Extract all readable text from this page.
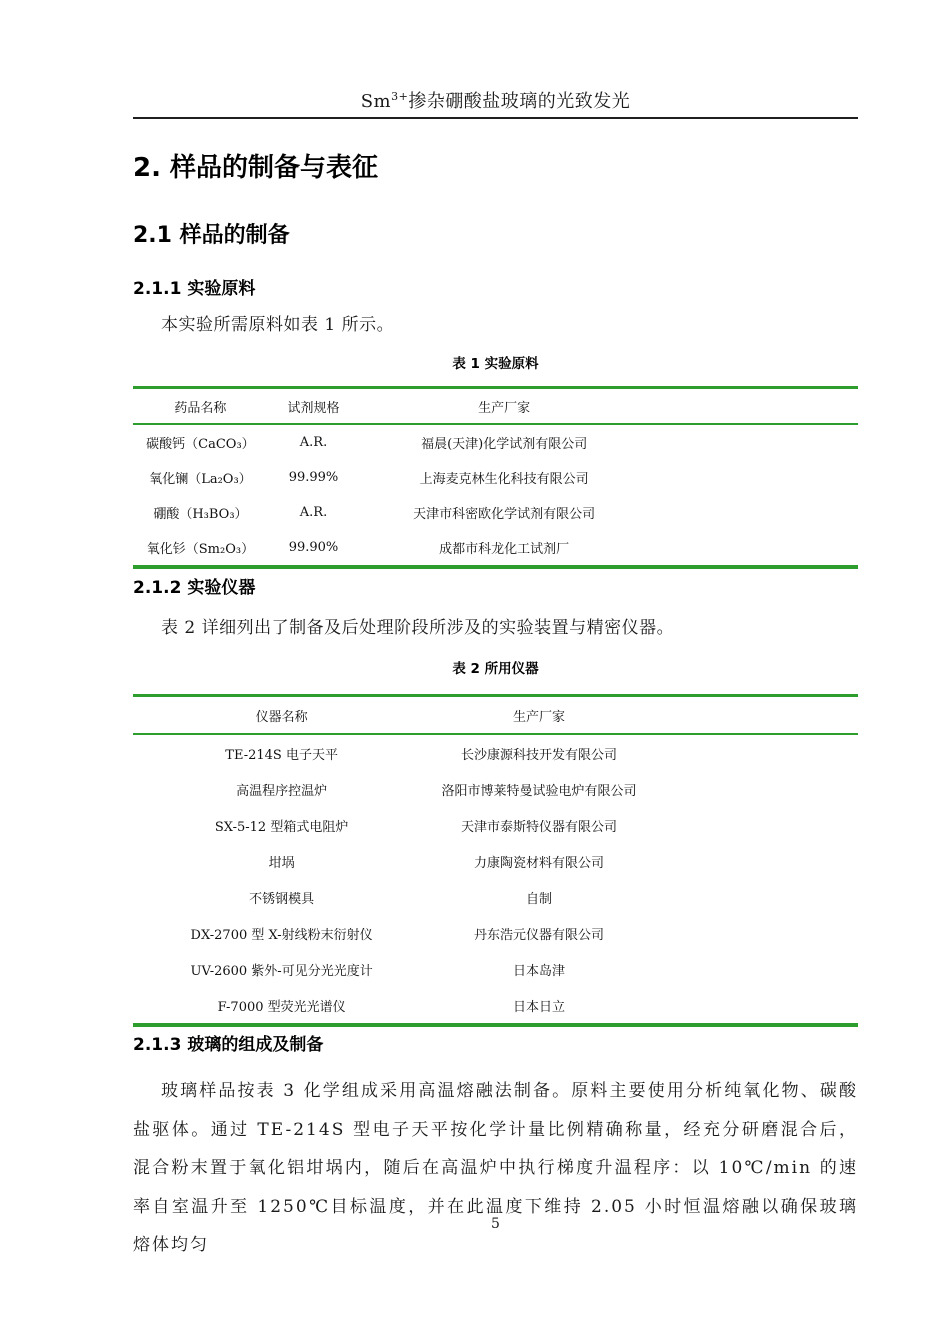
$Sm^{3+}$掺杂硼酸盐玻璃的光致发光
2. 样品的制备与表征
2.1 样品的制备
2.1.1 实验原料

本实验所需原料如表 1 所示。

表 1 实验原料
药品名称	试剂规格	生产厂家	
碳酸钙（CaCO₃）	A.R.	福晨(天津)化学试剂有限公司	
氧化镧（La₂O₃）	99.99%	上海麦克林生化科技有限公司	
硼酸（H₃BO₃）	A.R.	天津市科密欧化学试剂有限公司	
氧化钐（Sm₂O₃）	99.90%	成都市科龙化工试剂厂	
2.1.2 实验仪器

表 2 详细列出了制备及后处理阶段所涉及的实验装置与精密仪器。

表 2 所用仪器
仪器名称	生产厂家	
TE-214S 电子天平	长沙康源科技开发有限公司	
高温程序控温炉	洛阳市博莱特曼试验电炉有限公司	
SX-5-12 型箱式电阻炉	天津市泰斯特仪器有限公司	
坩埚	力康陶瓷材料有限公司	
不锈钢模具	自制	
DX-2700 型 X-射线粉末衍射仪	丹东浩元仪器有限公司	
UV-2600 紫外-可见分光光度计	日本岛津	
F-7000 型荧光光谱仪	日本日立	
2.1.3 玻璃的组成及制备

玻璃样品按表 3 化学组成采用高温熔融法制备。原料主要使用分析纯氧化物、碳酸盐驱体。通过 TE-214S 型电子天平按化学计量比例精确称量，经充分研磨混合后，混合粉末置于氧化铝坩埚内，随后在高温炉中执行梯度升温程序：以 10℃/min 的速率自室温升至 1250℃目标温度，并在此温度下维持 2.05 小时恒温熔融以确保玻璃熔体均匀

5
